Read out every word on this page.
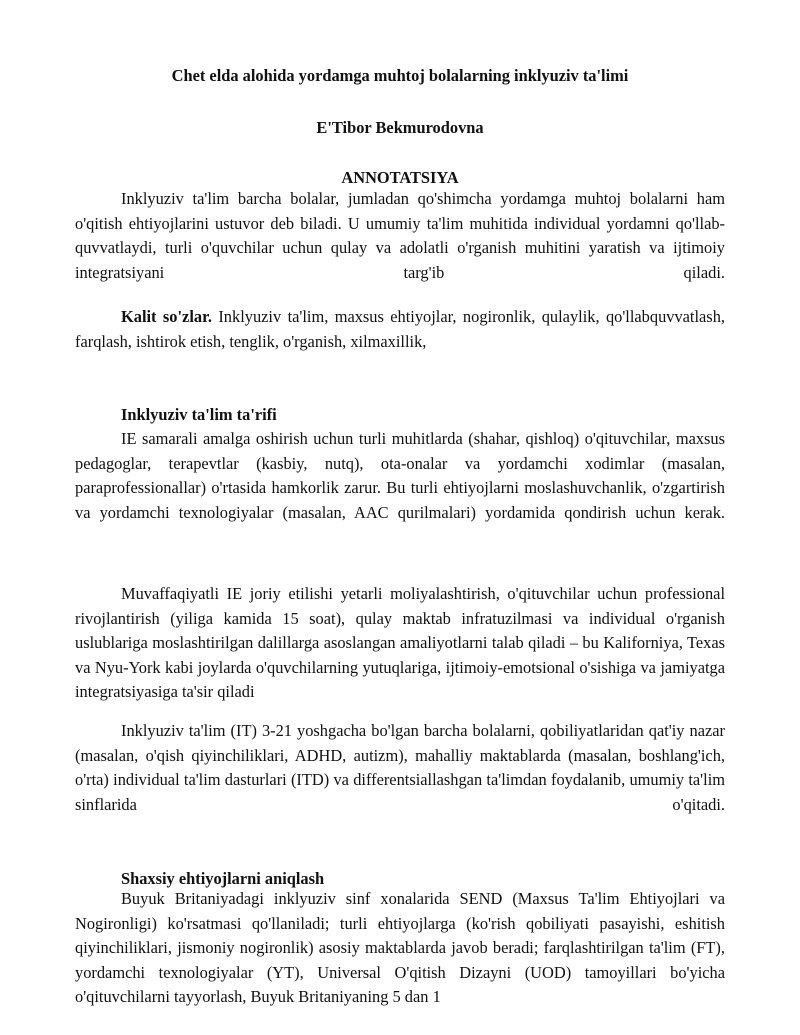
Chet elda alohida yordamga muhtoj bolalarning inklyuziv ta'limi
E'Tibor Bekmurodovna
ANNOTATSIYA

Inklyuziv ta'lim barcha bolalar, jumladan qo'shimcha yordamga muhtoj bolalarni ham o'qitish ehtiyojlarini ustuvor deb biladi. U umumiy ta'lim muhitida individual yordamni qo'llab-quvvatlaydi, turli o'quvchilar uchun qulay va adolatli o'rganish muhitini yaratish va ijtimoiy integratsiyani targ'ib qiladi.

Kalit so'zlar. Inklyuziv ta'lim, maxsus ehtiyojlar, nogironlik, qulaylik, qo'llabquvvatlash, farqlash, ishtirok etish, tenglik, o'rganish, xilmaxillik,

Inklyuziv ta'lim ta'rifi

IE samarali amalga oshirish uchun turli muhitlarda (shahar, qishloq) o'qituvchilar, maxsus pedagoglar, terapevtlar (kasbiy, nutq), ota-onalar va yordamchi xodimlar (masalan, paraprofessionallar) o'rtasida hamkorlik zarur. Bu turli ehtiyojlarni moslashuvchanlik, o'zgartirish va yordamchi texnologiyalar (masalan, AAC qurilmalari) yordamida qondirish uchun kerak.

Muvaffaqiyatli IE joriy etilishi yetarli moliyalashtirish, o'qituvchilar uchun professional rivojlantirish (yiliga kamida 15 soat), qulay maktab infratuzilmasi va individual o'rganish uslublariga moslashtirilgan dalillarga asoslangan amaliyotlarni talab qiladi – bu Kaliforniya, Texas va Nyu-York kabi joylarda o'quvchilarning yutuqlariga, ijtimoiy-emotsional o'sishiga va jamiyatga integratsiyasiga ta'sir qiladi

Inklyuziv ta'lim (IT) 3-21 yoshgacha bo'lgan barcha bolalarni, qobiliyatlaridan qat'iy nazar (masalan, o'qish qiyinchiliklari, ADHD, autizm), mahalliy maktablarda (masalan, boshlang'ich, o'rta) individual ta'lim dasturlari (ITD) va differentsiallashgan ta'limdan foydalanib, umumiy ta'lim sinflarida o'qitadi.

Shaxsiy ehtiyojlarni aniqlash

Buyuk Britaniyadagi inklyuziv sinf xonalarida SEND (Maxsus Ta'lim Ehtiyojlari va Nogironligi) ko'rsatmasi qo'llaniladi; turli ehtiyojlarga (ko'rish qobiliyati pasayishi, eshitish qiyinchiliklari, jismoniy nogironlik) asosiy maktablarda javob beradi; farqlashtirilgan ta'lim (FT), yordamchi texnologiyalar (YT), Universal O'qitish Dizayni (UOD) tamoyillari bo'yicha o'qituvchilarni tayyorlash, Buyuk Britaniyaning 5 dan 1
